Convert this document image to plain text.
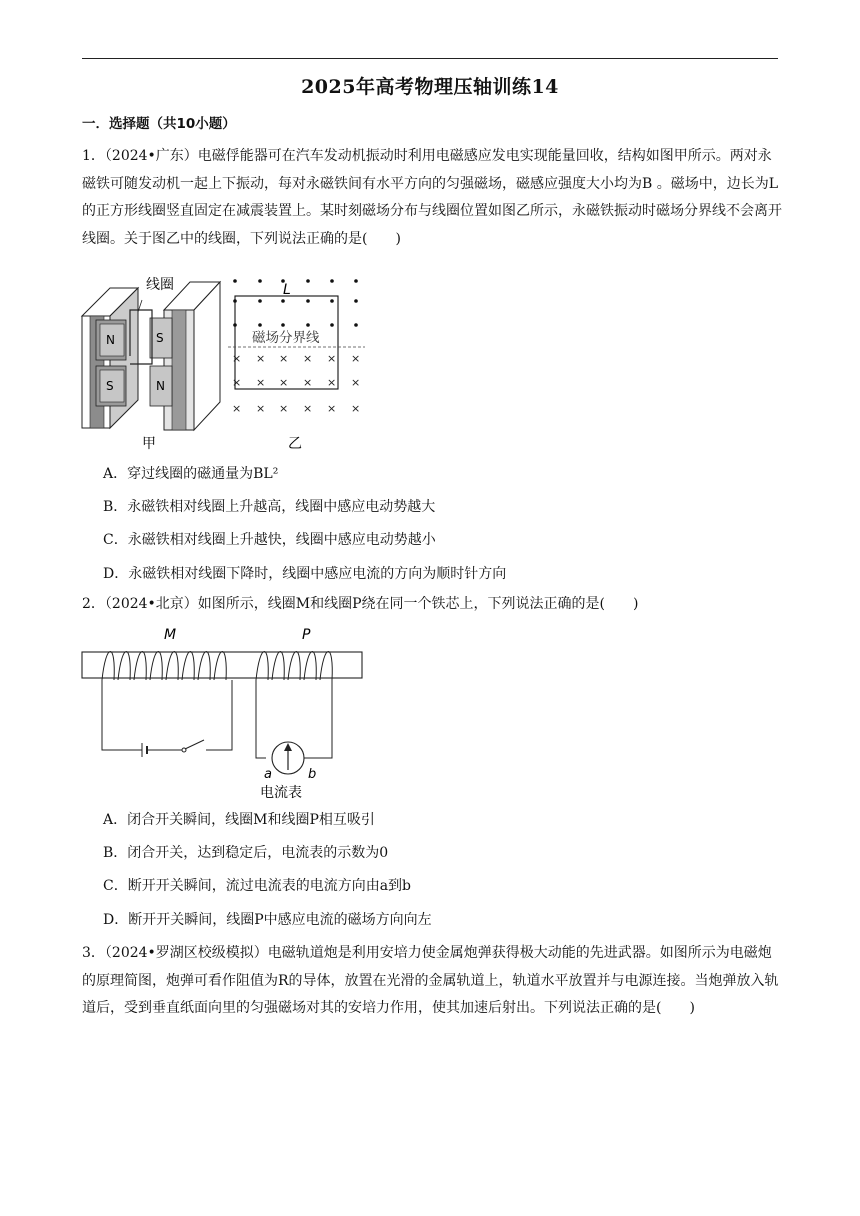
2025年高考物理压轴训练14
一．选择题（共10小题）
1．（2024•广东）电磁俘能器可在汽车发动机振动时利用电磁感应发电实现能量回收，结构如图甲所示。两对永磁铁可随发动机一起上下振动，每对永磁铁间有水平方向的匀强磁场，磁感应强度大小均为B 。磁场中，边长为L的正方形线圈竖直固定在减震装置上。某时刻磁场分布与线圈位置如图乙所示，永磁铁振动时磁场分界线不会离开线圈。关于图乙中的线圈，下列说法正确的是(　　)
线圈
N
S
S
N
甲
L
磁场分界线
× × × × × ×
× × × × × ×
× × × × × ×
乙
A．穿过线圈的磁通量为BL²
B．永磁铁相对线圈上升越高，线圈中感应电动势越大
C．永磁铁相对线圈上升越快，线圈中感应电动势越小
D．永磁铁相对线圈下降时，线圈中感应电流的方向为顺时针方向
2．（2024•北京）如图所示，线圈M和线圈P绕在同一个铁芯上，下列说法正确的是(　　)
M	P
a	b
电流表
A．闭合开关瞬间，线圈M和线圈P相互吸引
B．闭合开关，达到稳定后，电流表的示数为0
C．断开开关瞬间，流过电流表的电流方向由a到b
D．断开开关瞬间，线圈P中感应电流的磁场方向向左
3．（2024•罗湖区校级模拟）电磁轨道炮是利用安培力使金属炮弹获得极大动能的先进武器。如图所示为电磁炮的原理简图，炮弹可看作阻值为R的导体，放置在光滑的金属轨道上，轨道水平放置并与电源连接。当炮弹放入轨道后，受到垂直纸面向里的匀强磁场对其的安培力作用，使其加速后射出。下列说法正确的是(　　)
